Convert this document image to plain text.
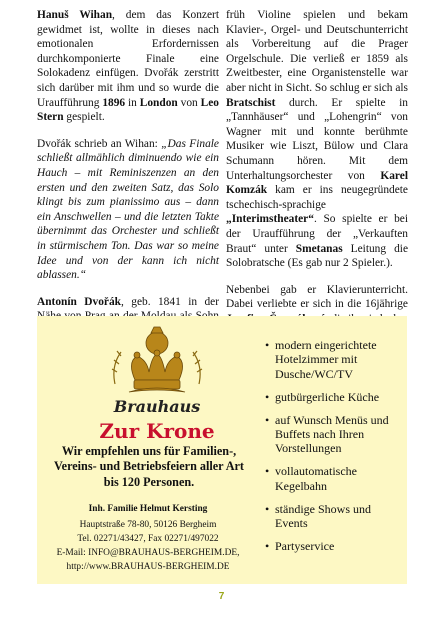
Hanuš Wihan, dem das Konzert gewidmet ist, wollte in dieses nach emotionalen Erfordernissen durchkomponierte Finale eine Solokadenz einfügen. Dvořák zerstritt sich darüber mit ihm und so wurde die Uraufführung 1896 in London von Leo Stern gespielt.

Dvořák schrieb an Wihan: „Das Finale schließt allmählich diminuendo wie ein Hauch – mit Reminiszenzen an den ersten und den zweiten Satz, das Solo klingt bis zum pianissimo aus – dann ein Anschwellen – und die letzten Takte übernimmt das Orchester und schließt in stürmischem Ton. Das war so meine Idee und von der kann ich nicht ablassen.“

Antonín Dvořák, geb. 1841 in der

früh Violine spielen und bekam Klavier-, Orgel- und Deutschunterricht als Vorbereitung auf die Prager Orgelschule. Die verließ er 1859 als Zweitbester, eine Organistenstelle war aber nicht in Sicht. So schlug er sich als Bratschist durch. Er spielte in „Tannhäuser“ und „Lohengrin“ von Wagner mit und konnte berühmte Musiker wie Liszt, Bülow und Clara Schumann hören. Mit dem Unterhaltungsorchester von Karel Komzák kam er ins neugegründete tschechisch-sprachige „Interimstheater“. So spielte er bei der Uraufführung der „Verkauften Braut“ unter Smetanas Leitung die Solobratsche (Es gab nur 2 Spieler.).

Nebenbei gab er Klavierunterricht. Dabei verliebte er sich in die 16jährige

Brauhaus
Zur Krone
Wir empfehlen uns für Familien-,
Vereins- und Betriebsfeiern aller Art
bis 120 Personen.
Inh. Familie Helmut Kersting
Hauptstraße 78-80, 50126 Bergheim
Tel. 02271/43427, Fax 02271/497022
E-Mail: INFO@BRAUHAUS-BERGHEIM.DE,
http://www.BRAUHAUS-BERGHEIM.DE
• modern eingerichtete Hotelzimmer mit Dusche/WC/TV
• gutbürgerliche Küche
• auf Wunsch Menüs und Buffets nach Ihren Vorstellungen
• vollautomatische Kegelbahn
• ständige Shows und Events
• Partyservice
7
